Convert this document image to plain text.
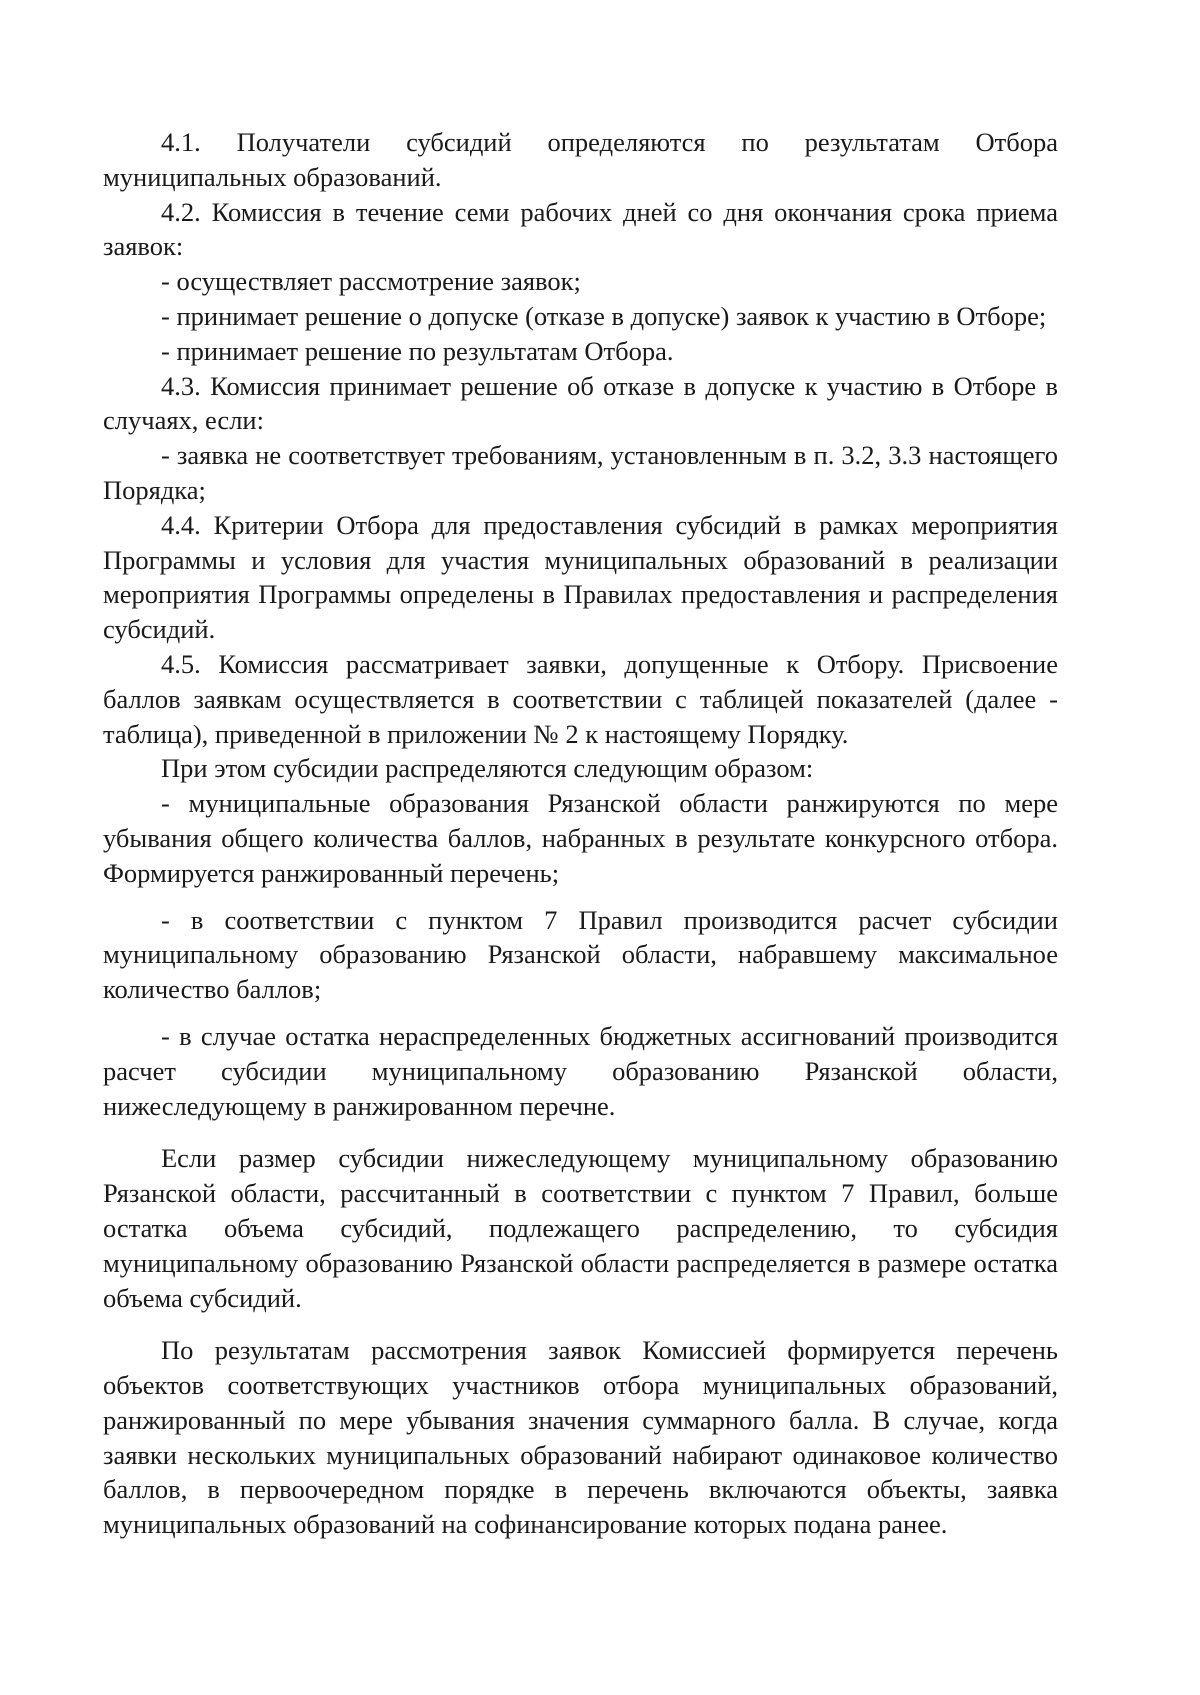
4.1. Получатели субсидий определяются по результатам Отбора муниципальных образований.

4.2. Комиссия в течение семи рабочих дней со дня окончания срока приема заявок:

- осуществляет рассмотрение заявок;

- принимает решение о допуске (отказе в допуске) заявок к участию в Отборе;

- принимает решение по результатам Отбора.

4.3. Комиссия принимает решение об отказе в допуске к участию в Отборе в случаях, если:

- заявка не соответствует требованиям, установленным в п. 3.2, 3.3 настоящего Порядка;

4.4. Критерии Отбора для предоставления субсидий в рамках мероприятия Программы и условия для участия муниципальных образований в реализации мероприятия Программы определены в Правилах предоставления и распределения субсидий.

4.5. Комиссия рассматривает заявки, допущенные к Отбору. Присвоение баллов заявкам осуществляется в соответствии с таблицей показателей (далее - таблица), приведенной в приложении № 2 к настоящему Порядку.

При этом субсидии распределяются следующим образом:

- муниципальные образования Рязанской области ранжируются по мере убывания общего количества баллов, набранных в результате конкурсного отбора. Формируется ранжированный перечень;

- в соответствии с пунктом 7 Правил производится расчет субсидии муниципальному образованию Рязанской области, набравшему максимальное количество баллов;

- в случае остатка нераспределенных бюджетных ассигнований производится расчет субсидии муниципальному образованию Рязанской области, нижеследующему в ранжированном перечне.

Если размер субсидии нижеследующему муниципальному образованию Рязанской области, рассчитанный в соответствии с пунктом 7 Правил, больше остатка объема субсидий, подлежащего распределению, то субсидия муниципальному образованию Рязанской области распределяется в размере остатка объема субсидий.

По результатам рассмотрения заявок Комиссией формируется перечень объектов соответствующих участников отбора муниципальных образований, ранжированный по мере убывания значения суммарного балла. В случае, когда заявки нескольких муниципальных образований набирают одинаковое количество баллов, в первоочередном порядке в перечень включаются объекты, заявка муниципальных образований на софинансирование которых подана ранее.
